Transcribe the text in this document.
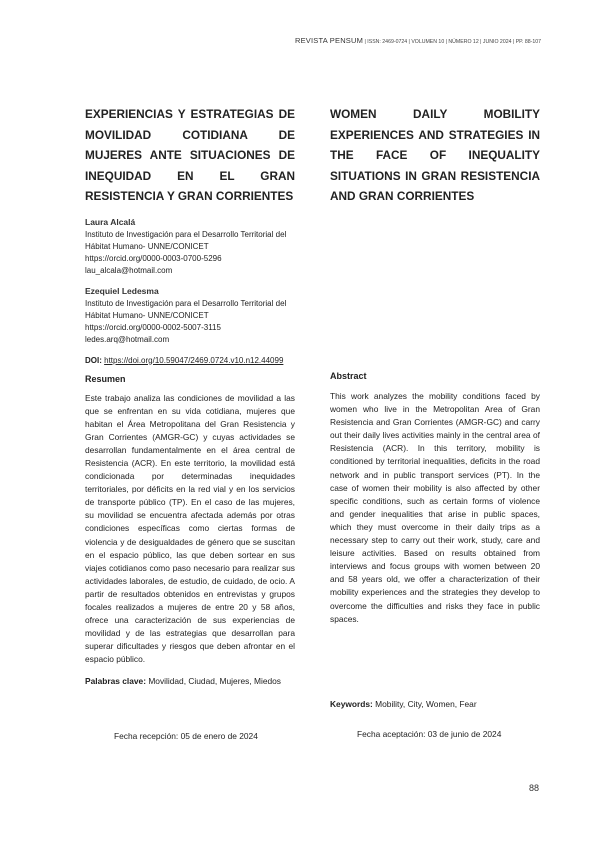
REVISTA PENSUM | ISSN: 2469-0724 | VOLUMEN 10 | NÚMERO 12 | JUNIO 2024 | PP. 88-107
EXPERIENCIAS Y ESTRATEGIAS DE MOVILIDAD COTIDIANA DE MUJERES ANTE SITUACIONES DE INEQUIDAD EN EL GRAN RESISTENCIA Y GRAN CORRIENTES
Laura Alcalá
Instituto de Investigación para el Desarrollo Territorial del
Hábitat Humano- UNNE/CONICET
https://orcid.org/0000-0003-0700-5296
lau_alcala@hotmail.com
Ezequiel Ledesma
Instituto de Investigación para el Desarrollo Territorial del
Hábitat Humano- UNNE/CONICET
https://orcid.org/0000-0002-5007-3115
ledes.arq@hotmail.com
DOI: https://doi.org/10.59047/2469.0724.v10.n12.44099
Resumen

Este trabajo analiza las condiciones de movilidad a las que se enfrentan en su vida cotidiana, mujeres que habitan el Área Metropolitana del Gran Resistencia y Gran Corrientes (AMGR-GC) y cuyas actividades se desarrollan fundamentalmente en el área central de Resistencia (ACR). En este territorio, la movilidad está condicionada por determinadas inequidades territoriales, por déficits en la red vial y en los servicios de transporte público (TP). En el caso de las mujeres, su movilidad se encuentra afectada además por otras condiciones específicas como ciertas formas de violencia y de desigualdades de género que se suscitan en el espacio público, las que deben sortear en sus viajes cotidianos como paso necesario para realizar sus actividades laborales, de estudio, de cuidado, de ocio. A partir de resultados obtenidos en entrevistas y grupos focales realizados a mujeres de entre 20 y 58 años, ofrece una caracterización de sus experiencias de movilidad y de las estrategias que desarrollan para superar dificultades y riesgos que deben afrontar en el espacio público.

Palabras clave: Movilidad, Ciudad, Mujeres, Miedos

Fecha recepción: 05 de enero de 2024
WOMEN DAILY MOBILITY EXPERIENCES AND STRATEGIES IN THE FACE OF INEQUALITY SITUATIONS IN GRAN RESISTENCIA AND GRAN CORRIENTES
Abstract

This work analyzes the mobility conditions faced by women who live in the Metropolitan Area of Gran Resistencia and Gran Corrientes (AMGR-GC) and carry out their daily lives activities mainly in the central area of Resistencia (ACR). In this territory, mobility is conditioned by territorial inequalities, deficits in the road network and in public transport services (PT). In the case of women their mobility is also affected by other specific conditions, such as certain forms of violence and gender inequalities that arise in public spaces, which they must overcome in their daily trips as a necessary step to carry out their work, study, care and leisure activities. Based on results obtained from interviews and focus groups with women between 20 and 58 years old, we offer a characterization of their mobility experiences and the strategies they develop to overcome the difficulties and risks they face in public spaces.

Keywords: Mobility, City, Women, Fear
Fecha aceptación: 03 de junio de 2024
88
